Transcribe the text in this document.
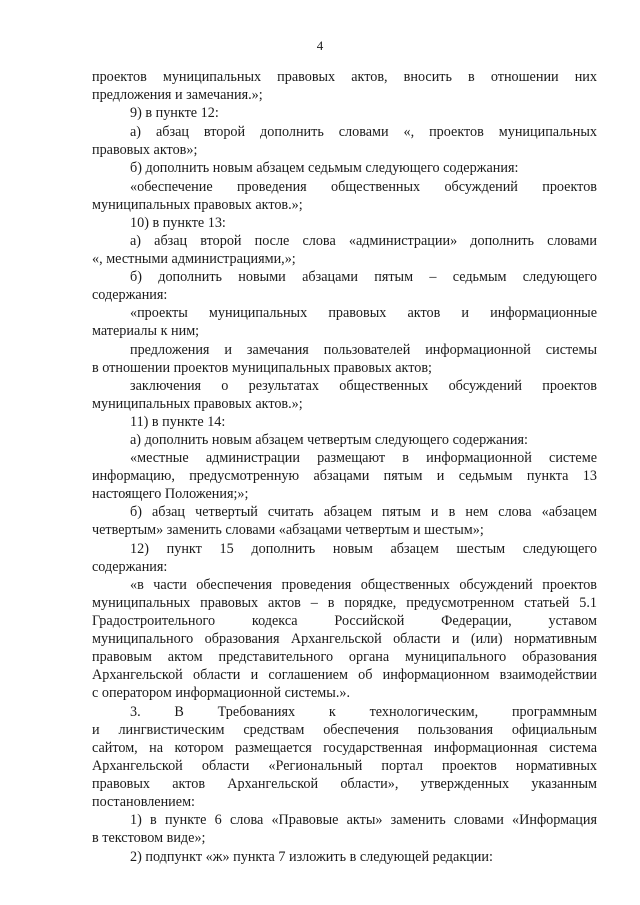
4
проектов муниципальных правовых актов, вносить в отношении них
предложения и замечания.»;
9) в пункте 12:
а) абзац второй дополнить словами «, проектов муниципальных
правовых актов»;
б) дополнить новым абзацем седьмым следующего содержания:
«обеспечение проведения общественных обсуждений проектов
муниципальных правовых актов.»;
10) в пункте 13:
а) абзац второй после слова «администрации» дополнить словами
«, местными администрациями,»;
б) дополнить новыми абзацами пятым – седьмым следующего
содержания:
«проекты муниципальных правовых актов и информационные
материалы к ним;
предложения и замечания пользователей информационной системы
в отношении проектов муниципальных правовых актов;
заключения о результатах общественных обсуждений проектов
муниципальных правовых актов.»;
11) в пункте 14:
а) дополнить новым абзацем четвертым следующего содержания:
«местные администрации размещают в информационной системе
информацию, предусмотренную абзацами пятым и седьмым пункта 13
настоящего Положения;»;
б) абзац четвертый считать абзацем пятым и в нем слова «абзацем
четвертым» заменить словами «абзацами четвертым и шестым»;
12) пункт 15 дополнить новым абзацем шестым следующего
содержания:
«в части обеспечения проведения общественных обсуждений проектов
муниципальных правовых актов – в порядке, предусмотренном статьей 5.1
Градостроительного кодекса Российской Федерации, уставом
муниципального образования Архангельской области и (или) нормативным
правовым актом представительного органа муниципального образования
Архангельской области и соглашением об информационном взаимодействии
с оператором информационной системы.».
3. В Требованиях к технологическим, программным
и лингвистическим средствам обеспечения пользования официальным
сайтом, на котором размещается государственная информационная система
Архангельской области «Региональный портал проектов нормативных
правовых актов Архангельской области», утвержденных указанным
постановлением:
1) в пункте 6 слова «Правовые акты» заменить словами «Информация
в текстовом виде»;
2) подпункт «ж» пункта 7 изложить в следующей редакции:
